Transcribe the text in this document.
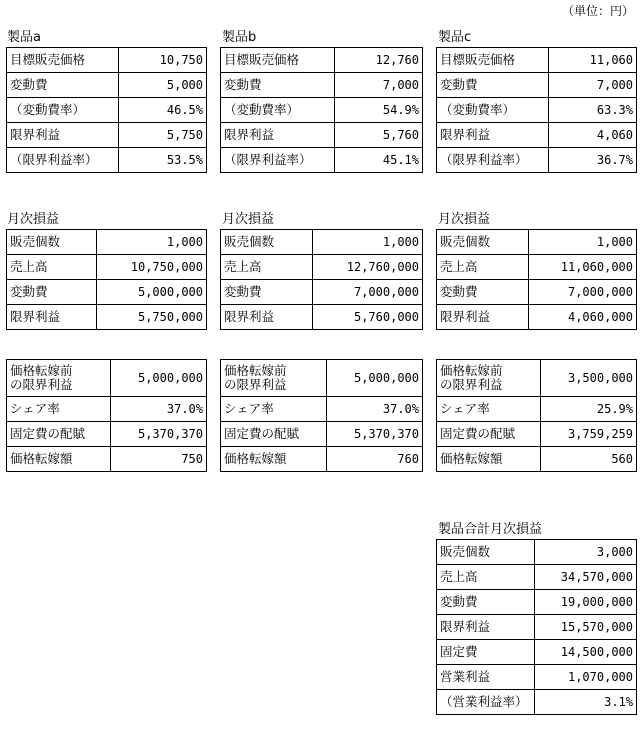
（単位：円）
製品a
目標販売価格	10,750
変動費	5,000
（変動費率）	46.5%
限界利益	5,750
（限界利益率）	53.5%
月次損益
販売個数	1,000
売上高	10,750,000
変動費	5,000,000
限界利益	5,750,000
価格転嫁前
の限界利益	5,000,000
シェア率	37.0%
固定費の配賦	5,370,370
価格転嫁額	750
製品b
目標販売価格	12,760
変動費	7,000
（変動費率）	54.9%
限界利益	5,760
（限界利益率）	45.1%
月次損益
販売個数	1,000
売上高	12,760,000
変動費	7,000,000
限界利益	5,760,000
価格転嫁前
の限界利益	5,000,000
シェア率	37.0%
固定費の配賦	5,370,370
価格転嫁額	760
製品c
目標販売価格	11,060
変動費	7,000
（変動費率）	63.3%
限界利益	4,060
（限界利益率）	36.7%
月次損益
販売個数	1,000
売上高	11,060,000
変動費	7,000,000
限界利益	4,060,000
価格転嫁前
の限界利益	3,500,000
シェア率	25.9%
固定費の配賦	3,759,259
価格転嫁額	560
製品合計月次損益
販売個数	3,000
売上高	34,570,000
変動費	19,000,000
限界利益	15,570,000
固定費	14,500,000
営業利益	1,070,000
（営業利益率）	3.1%
